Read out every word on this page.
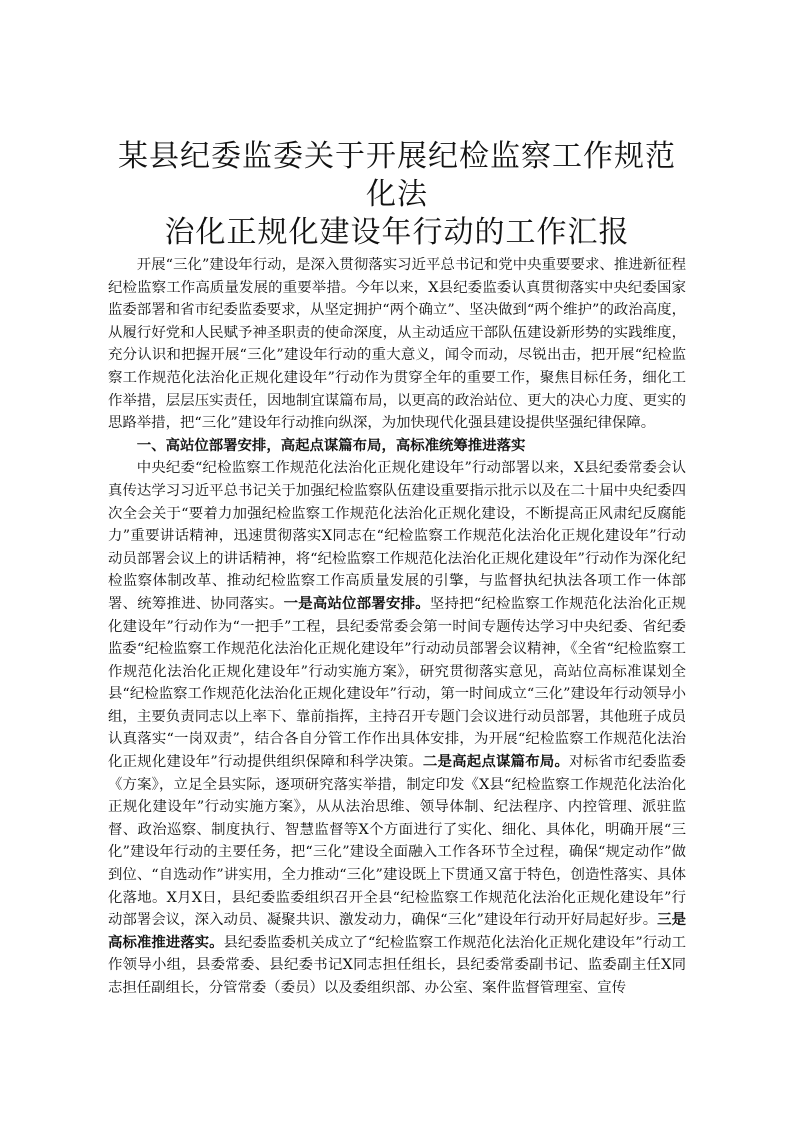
某县纪委监委关于开展纪检监察工作规范化法
治化正规化建设年行动的工作汇报

开展“三化”建设年行动，是深入贯彻落实习近平总书记和党中央重要要求、推进新征程纪检监察工作高质量发展的重要举措。今年以来，X县纪委监委认真贯彻落实中央纪委国家监委部署和省市纪委监委要求，从坚定拥护“两个确立”、坚决做到“两个维护”的政治高度，从履行好党和人民赋予神圣职责的使命深度，从主动适应干部队伍建设新形势的实践维度，充分认识和把握开展“三化”建设年行动的重大意义，闻令而动，尽锐出击，把开展“纪检监察工作规范化法治化正规化建设年”行动作为贯穿全年的重要工作，聚焦目标任务，细化工作举措，层层压实责任，因地制宜谋篇布局，以更高的政治站位、更大的决心力度、更实的思路举措，把“三化”建设年行动推向纵深，为加快现代化强县建设提供坚强纪律保障。

一、高站位部署安排，高起点谋篇布局，高标准统筹推进落实

中央纪委“纪检监察工作规范化法治化正规化建设年”行动部署以来，X县纪委常委会认真传达学习习近平总书记关于加强纪检监察队伍建设重要指示批示以及在二十届中央纪委四次全会关于“要着力加强纪检监察工作规范化法治化正规化建设，不断提高正风肃纪反腐能力”重要讲话精神，迅速贯彻落实X同志在“纪检监察工作规范化法治化正规化建设年”行动动员部署会议上的讲话精神，将“纪检监察工作规范化法治化正规化建设年”行动作为深化纪检监察体制改革、推动纪检监察工作高质量发展的引擎，与监督执纪执法各项工作一体部署、统筹推进、协同落实。一是高站位部署安排。坚持把“纪检监察工作规范化法治化正规化建设年”行动作为“一把手”工程，县纪委常委会第一时间专题传达学习中央纪委、省纪委监委“纪检监察工作规范化法治化正规化建设年”行动动员部署会议精神，《全省“纪检监察工作规范化法治化正规化建设年”行动实施方案》，研究贯彻落实意见，高站位高标准谋划全县“纪检监察工作规范化法治化正规化建设年”行动，第一时间成立“三化”建设年行动领导小组，主要负责同志以上率下、靠前指挥，主持召开专题门会议进行动员部署，其他班子成员认真落实“一岗双责”，结合各自分管工作作出具体安排，为开展“纪检监察工作规范化法治化正规化建设年”行动提供组织保障和科学决策。二是高起点谋篇布局。对标省市纪委监委《方案》，立足全县实际，逐项研究落实举措，制定印发《X县“纪检监察工作规范化法治化正规化建设年”行动实施方案》，从从法治思维、领导体制、纪法程序、内控管理、派驻监督、政治巡察、制度执行、智慧监督等X个方面进行了实化、细化、具体化，明确开展“三化”建设年行动的主要任务，把“三化”建设全面融入工作各环节全过程，确保“规定动作”做到位、“自选动作”讲实用，全力推动“三化”建设既上下贯通又富于特色，创造性落实、具体化落地。X月X日，县纪委监委组织召开全县“纪检监察工作规范化法治化正规化建设年”行动部署会议，深入动员、凝聚共识、激发动力，确保“三化”建设年行动开好局起好步。三是高标准推进落实。县纪委监委机关成立了“纪检监察工作规范化法治化正规化建设年”行动工作领导小组，县委常委、县纪委书记X同志担任组长，县纪委常委副书记、监委副主任X同志担任副组长，分管常委（委员）以及委组织部、办公室、案件监督管理室、宣传
